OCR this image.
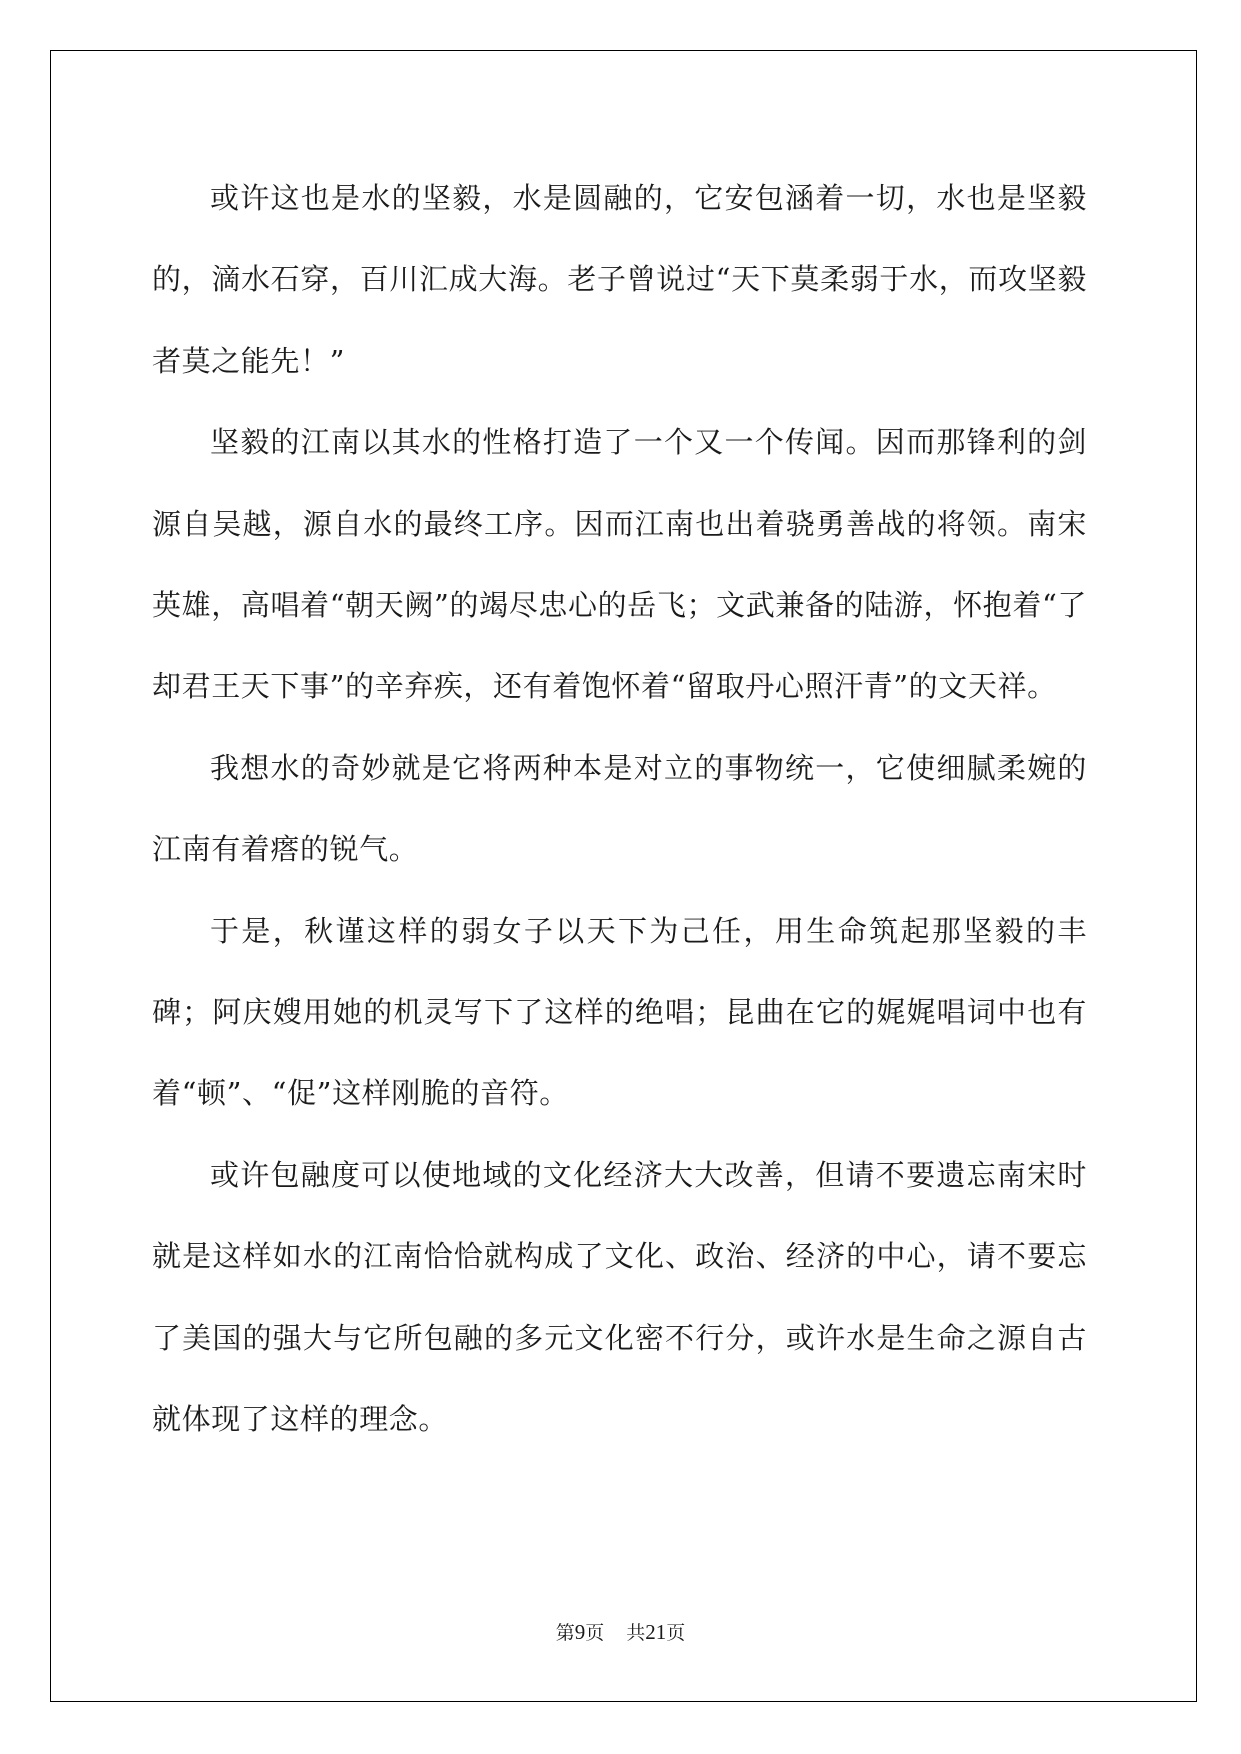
或许这也是水的坚毅，水是圆融的，它安包涵着一切，水也是坚毅的，滴水石穿，百川汇成大海。老子曾说过“天下莫柔弱于水，而攻坚毅者莫之能先！”

坚毅的江南以其水的性格打造了一个又一个传闻。因而那锋利的剑源自吴越，源自水的最终工序。因而江南也出着骁勇善战的将领。南宋英雄，高唱着“朝天阙”的竭尽忠心的岳飞；文武兼备的陆游，怀抱着“了却君王天下事”的辛弃疾，还有着饱怀着“留取丹心照汗青”的文天祥。

我想水的奇妙就是它将两种本是对立的事物统一，它使细腻柔婉的江南有着瘩的锐气。

于是，秋谨这样的弱女子以天下为己任，用生命筑起那坚毅的丰碑；阿庆嫂用她的机灵写下了这样的绝唱；昆曲在它的娓娓唱词中也有着“顿”、“促”这样刚脆的音符。

或许包融度可以使地域的文化经济大大改善，但请不要遗忘南宋时就是这样如水的江南恰恰就构成了文化、政治、经济的中心，请不要忘了美国的强大与它所包融的多元文化密不行分，或许水是生命之源自古就体现了这样的理念。

第9页 共21页
